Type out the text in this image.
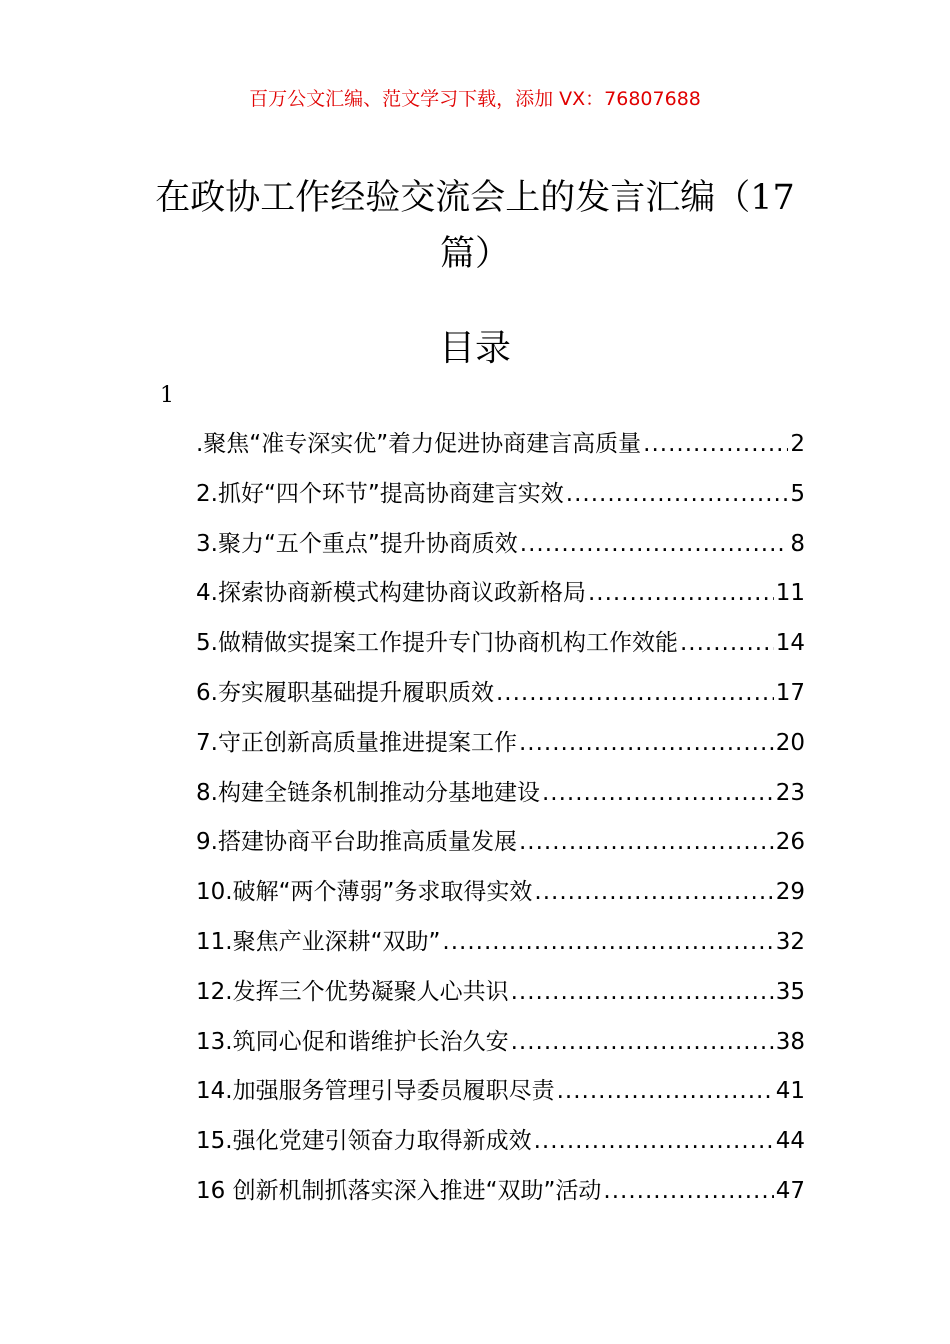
百万公文汇编、范文学习下载，添加 VX：76807688
在政协工作经验交流会上的发言汇编（17
篇）
目录
1
.聚焦“准专深实优”着力促进协商建言高质量 .....	2
2.抓好“四个环节”提高协商建言实效 .....	5
3.聚力“五个重点”提升协商质效 .....	8
4.探索协商新模式构建协商议政新格局 .....	11
5.做精做实提案工作提升专门协商机构工作效能 .....	14
6.夯实履职基础提升履职质效 .....	17
7.守正创新高质量推进提案工作 .....	20
8.构建全链条机制推动分基地建设 .....	23
9.搭建协商平台助推高质量发展 .....	26
10.破解“两个薄弱”务求取得实效 .....	29
11.聚焦产业深耕“双助” .....	32
12.发挥三个优势凝聚人心共识 .....	35
13.筑同心促和谐维护长治久安 .....	38
14.加强服务管理引导委员履职尽责 .....	41
15.强化党建引领奋力取得新成效 .....	44
16 创新机制抓落实深入推进“双助”活动 .....	47
